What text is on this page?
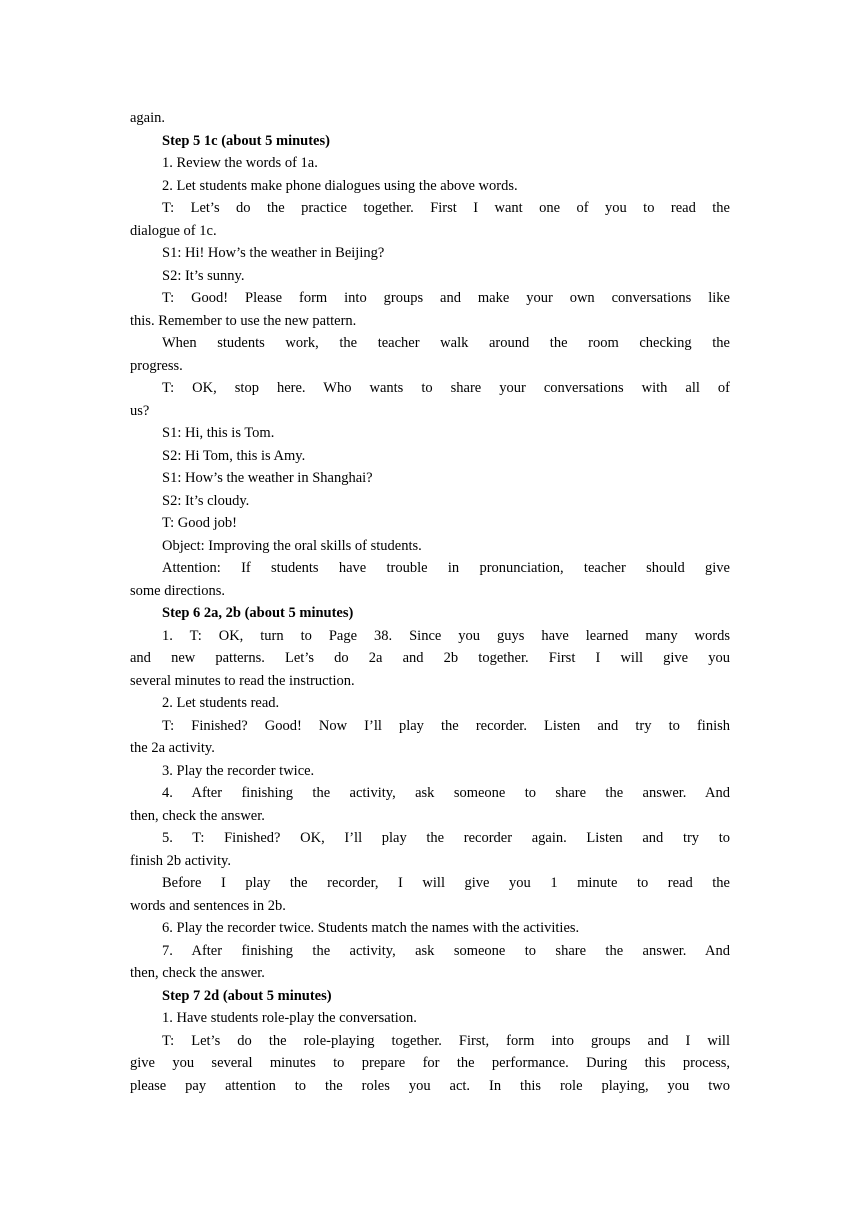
again.
Step 5 1c (about 5 minutes)
1. Review the words of 1a.
2. Let students make phone dialogues using the above words.
T: Let’s do the practice together. First I want one of you to read the
dialogue of 1c.
S1: Hi! How’s the weather in Beijing?
S2: It’s sunny.
T: Good! Please form into groups and make your own conversations like
this. Remember to use the new pattern.
When students work, the teacher walk around the room checking the
progress.
T: OK, stop here. Who wants to share your conversations with all of
us?
S1: Hi, this is Tom.
S2: Hi Tom, this is Amy.
S1: How’s the weather in Shanghai?
S2: It’s cloudy.
T: Good job!
Object: Improving the oral skills of students.
Attention: If students have trouble in pronunciation, teacher should give
some directions.
Step 6 2a, 2b (about 5 minutes)
1. T: OK, turn to Page 38. Since you guys have learned many words
and new patterns. Let’s do 2a and 2b together. First I will give you
several minutes to read the instruction.
2. Let students read.
T: Finished? Good! Now I’ll play the recorder. Listen and try to finish
the 2a activity.
3. Play the recorder twice.
4. After finishing the activity, ask someone to share the answer. And
then, check the answer.
5. T: Finished? OK, I’ll play the recorder again. Listen and try to
finish 2b activity.
Before I play the recorder, I will give you 1 minute to read the
words and sentences in 2b.
6. Play the recorder twice. Students match the names with the activities.
7. After finishing the activity, ask someone to share the answer. And
then, check the answer.
Step 7 2d (about 5 minutes)
1. Have students role-play the conversation.
T: Let’s do the role-playing together. First, form into groups and I will
give you several minutes to prepare for the performance. During this process,
please pay attention to the roles you act. In this role playing, you two
